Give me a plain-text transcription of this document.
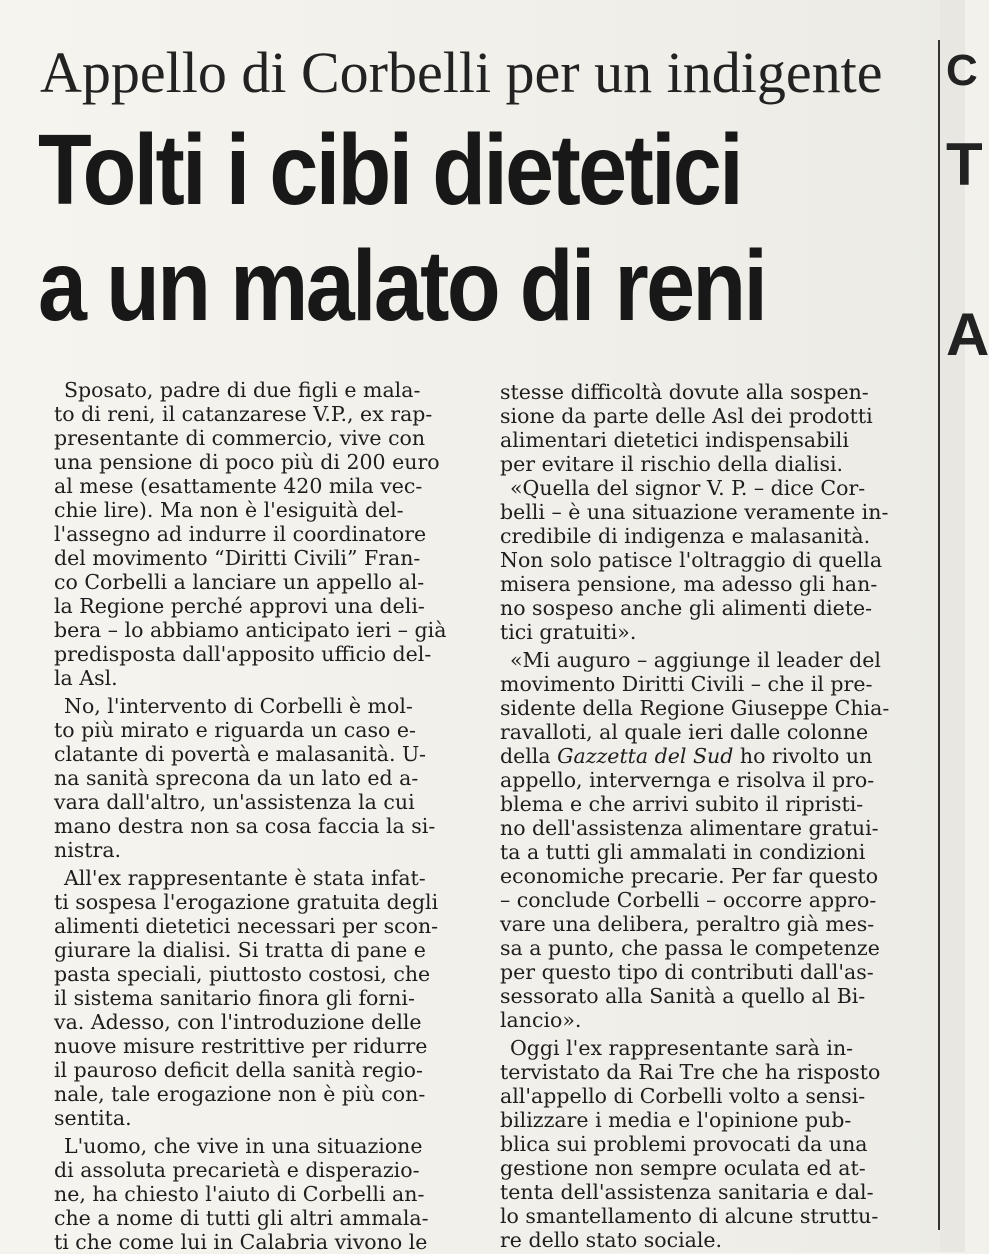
C
T
A
Appello di Corbelli per un indigente
Tolti i cibi dietetici
a un malato di reni
Sposato, padre di due figli e mala-
to di reni, il catanzarese V.P., ex rap-
presentante di commercio, vive con
una pensione di poco più di 200 euro
al mese (esattamente 420 mila vec-
chie lire). Ma non è l'esiguità del-
l'assegno ad indurre il coordinatore
del movimento “Diritti Civili” Fran-
co Corbelli a lanciare un appello al-
la Regione perché approvi una deli-
bera – lo abbiamo anticipato ieri – già
predisposta dall'apposito ufficio del-
la Asl.
No, l'intervento di Corbelli è mol-
to più mirato e riguarda un caso e-
clatante di povertà e malasanità. U-
na sanità sprecona da un lato ed a-
vara dall'altro, un'assistenza la cui
mano destra non sa cosa faccia la si-
nistra.
All'ex rappresentante è stata infat-
ti sospesa l'erogazione gratuita degli
alimenti dietetici necessari per scon-
giurare la dialisi. Si tratta di pane e
pasta speciali, piuttosto costosi, che
il sistema sanitario finora gli forni-
va. Adesso, con l'introduzione delle
nuove misure restrittive per ridurre
il pauroso deficit della sanità regio-
nale, tale erogazione non è più con-
sentita.
L'uomo, che vive in una situazione
di assoluta precarietà e disperazio-
ne, ha chiesto l'aiuto di Corbelli an-
che a nome di tutti gli altri ammala-
ti che come lui in Calabria vivono le
stesse difficoltà dovute alla sospen-
sione da parte delle Asl dei prodotti
alimentari dietetici indispensabili
per evitare il rischio della dialisi.
«Quella del signor V. P. – dice Cor-
belli – è una situazione veramente in-
credibile di indigenza e malasanità.
Non solo patisce l'oltraggio di quella
misera pensione, ma adesso gli han-
no sospeso anche gli alimenti diete-
tici gratuiti».
«Mi auguro – aggiunge il leader del
movimento Diritti Civili – che il pre-
sidente della Regione Giuseppe Chia-
ravalloti, al quale ieri dalle colonne
della Gazzetta del Sud ho rivolto un
appello, intervernga e risolva il pro-
blema e che arrivi subito il ripristi-
no dell'assistenza alimentare gratui-
ta a tutti gli ammalati in condizioni
economiche precarie. Per far questo
– conclude Corbelli – occorre appro-
vare una delibera, peraltro già mes-
sa a punto, che passa le competenze
per questo tipo di contributi dall'as-
sessorato alla Sanità a quello al Bi-
lancio».
Oggi l'ex rappresentante sarà in-
tervistato da Rai Tre che ha risposto
all'appello di Corbelli volto a sensi-
bilizzare i media e l'opinione pub-
blica sui problemi provocati da una
gestione non sempre oculata ed at-
tenta dell'assistenza sanitaria e dal-
lo smantellamento di alcune struttu-
re dello stato sociale.
